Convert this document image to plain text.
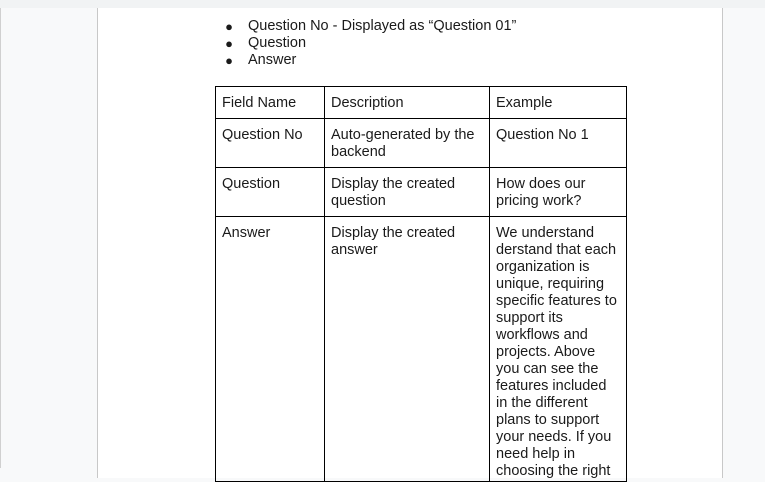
● Question No - Displayed as “Question 01”
● Question
● Answer
Field Name	Description	Example
Question No	Auto-generated by the backend	Question No 1
Question	Display the created question	How does our pricing work?
Answer	Display the created answer	We understand derstand that each organization is unique, requiring specific features to support its workflows and projects. Above you can see the features included in the different plans to support your needs. If you need help in choosing the right
